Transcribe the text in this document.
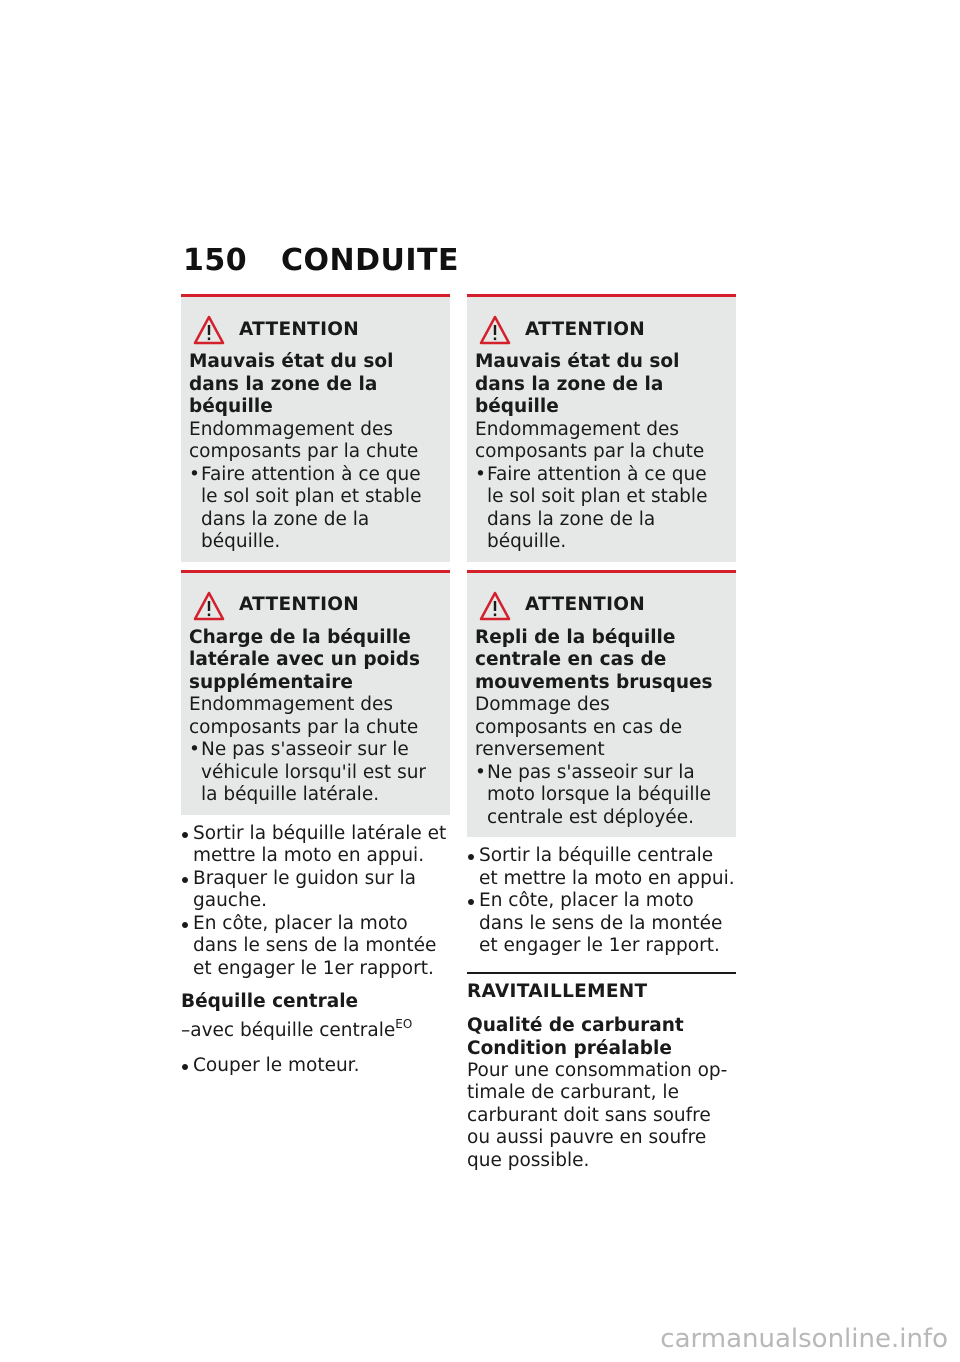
150 CONDUITE
ATTENTION
Mauvais état du sol dans la zone de la béquille
Endommagement des composants par la chute
• Faire attention à ce que le sol soit plan et stable dans la zone de la béquille.
ATTENTION
Charge de la béquille latérale avec un poids supplémentaire
Endommagement des composants par la chute
• Ne pas s'asseoir sur le véhicule lorsqu'il est sur la béquille latérale.
Sortir la béquille latérale et mettre la moto en appui.
Braquer le guidon sur la gauche.
En côte, placer la moto dans le sens de la montée et engager le 1er rapport.
Béquille centrale
–avec béquille centrale$^{EO}$
Couper le moteur.
ATTENTION
Mauvais état du sol dans la zone de la béquille
Endommagement des composants par la chute
• Faire attention à ce que le sol soit plan et stable dans la zone de la béquille.
ATTENTION
Repli de la béquille centrale en cas de mouvements brusques
Dommage des composants en cas de renversement
• Ne pas s'asseoir sur la moto lorsque la béquille centrale est déployée.
Sortir la béquille centrale et mettre la moto en appui.
En côte, placer la moto dans le sens de la montée et engager le 1er rapport.
RAVITAILLEMENT
Qualité de carburant
Condition préalable
Pour une consommation optimale de carburant, le carburant doit sans soufre ou aussi pauvre en soufre que possible.
carmanualsonline.info
